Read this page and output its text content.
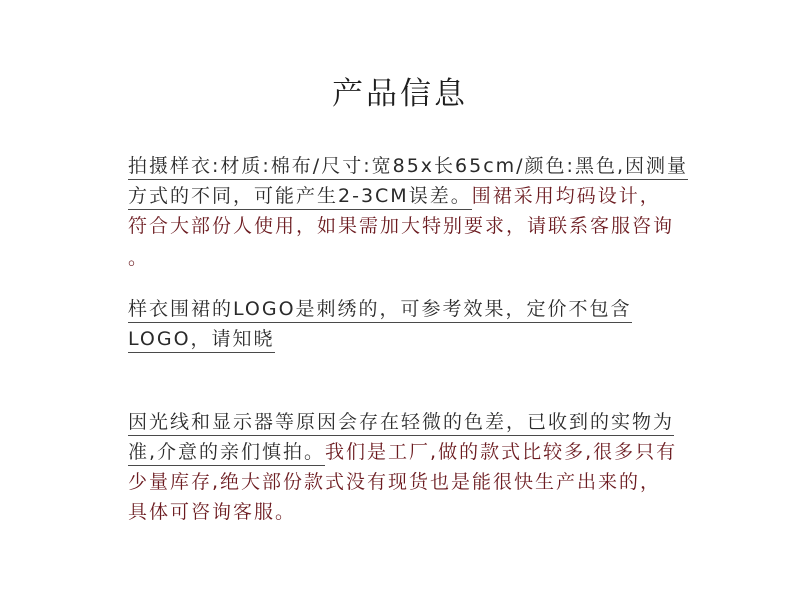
产品信息
拍摄样衣:材质:棉布/尺寸:宽85x长65cm/颜色:黑色,因测量
方式的不同，可能产生2-3CM误差。围裙采用均码设计，
符合大部份人使用，如果需加大特别要求，请联系客服咨询
。
样衣围裙的LOGO是刺绣的，可参考效果，定价不包含
LOGO，请知晓
因光线和显示器等原因会存在轻微的色差，已收到的实物为
准,介意的亲们慎拍。我们是工厂,做的款式比较多,很多只有
少量库存,绝大部份款式没有现货也是能很快生产出来的，
具体可咨询客服。
